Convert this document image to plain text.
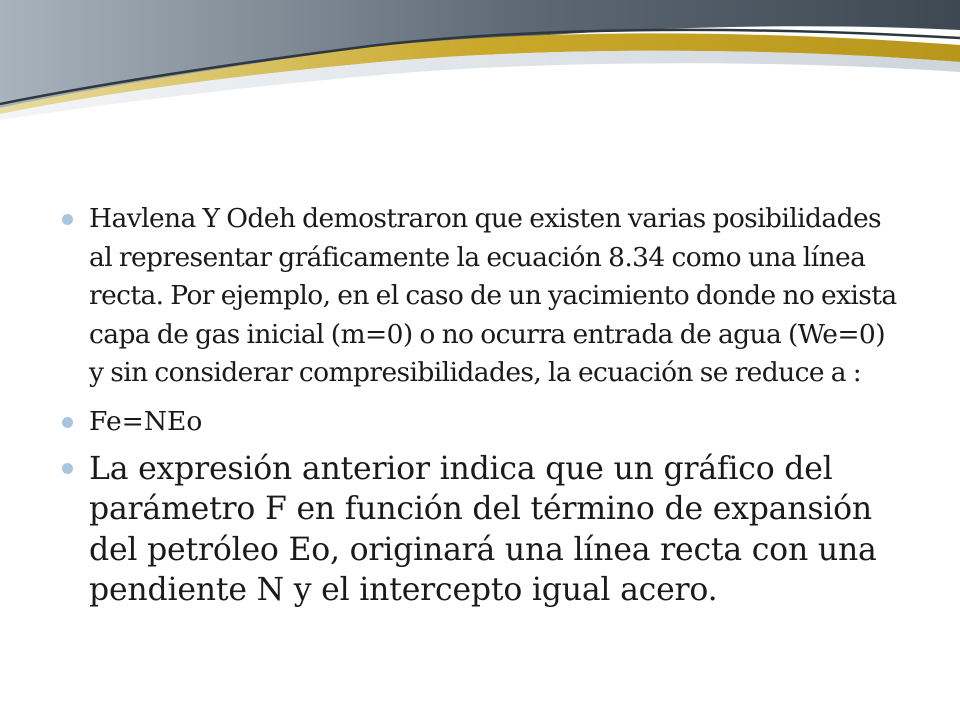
Havlena Y Odeh demostraron que existen varias posibilidades al representar gráficamente la ecuación 8.34 como una línea recta. Por ejemplo, en el caso de un yacimiento donde no exista capa de gas inicial (m=0) o no ocurra entrada de agua (We=0) y sin considerar compresibilidades, la ecuación se reduce a :
Fe=NEo
La expresión anterior indica que un gráfico del parámetro F en función del término de expansión del petróleo Eo, originará una línea recta con una pendiente N y el intercepto igual acero.
